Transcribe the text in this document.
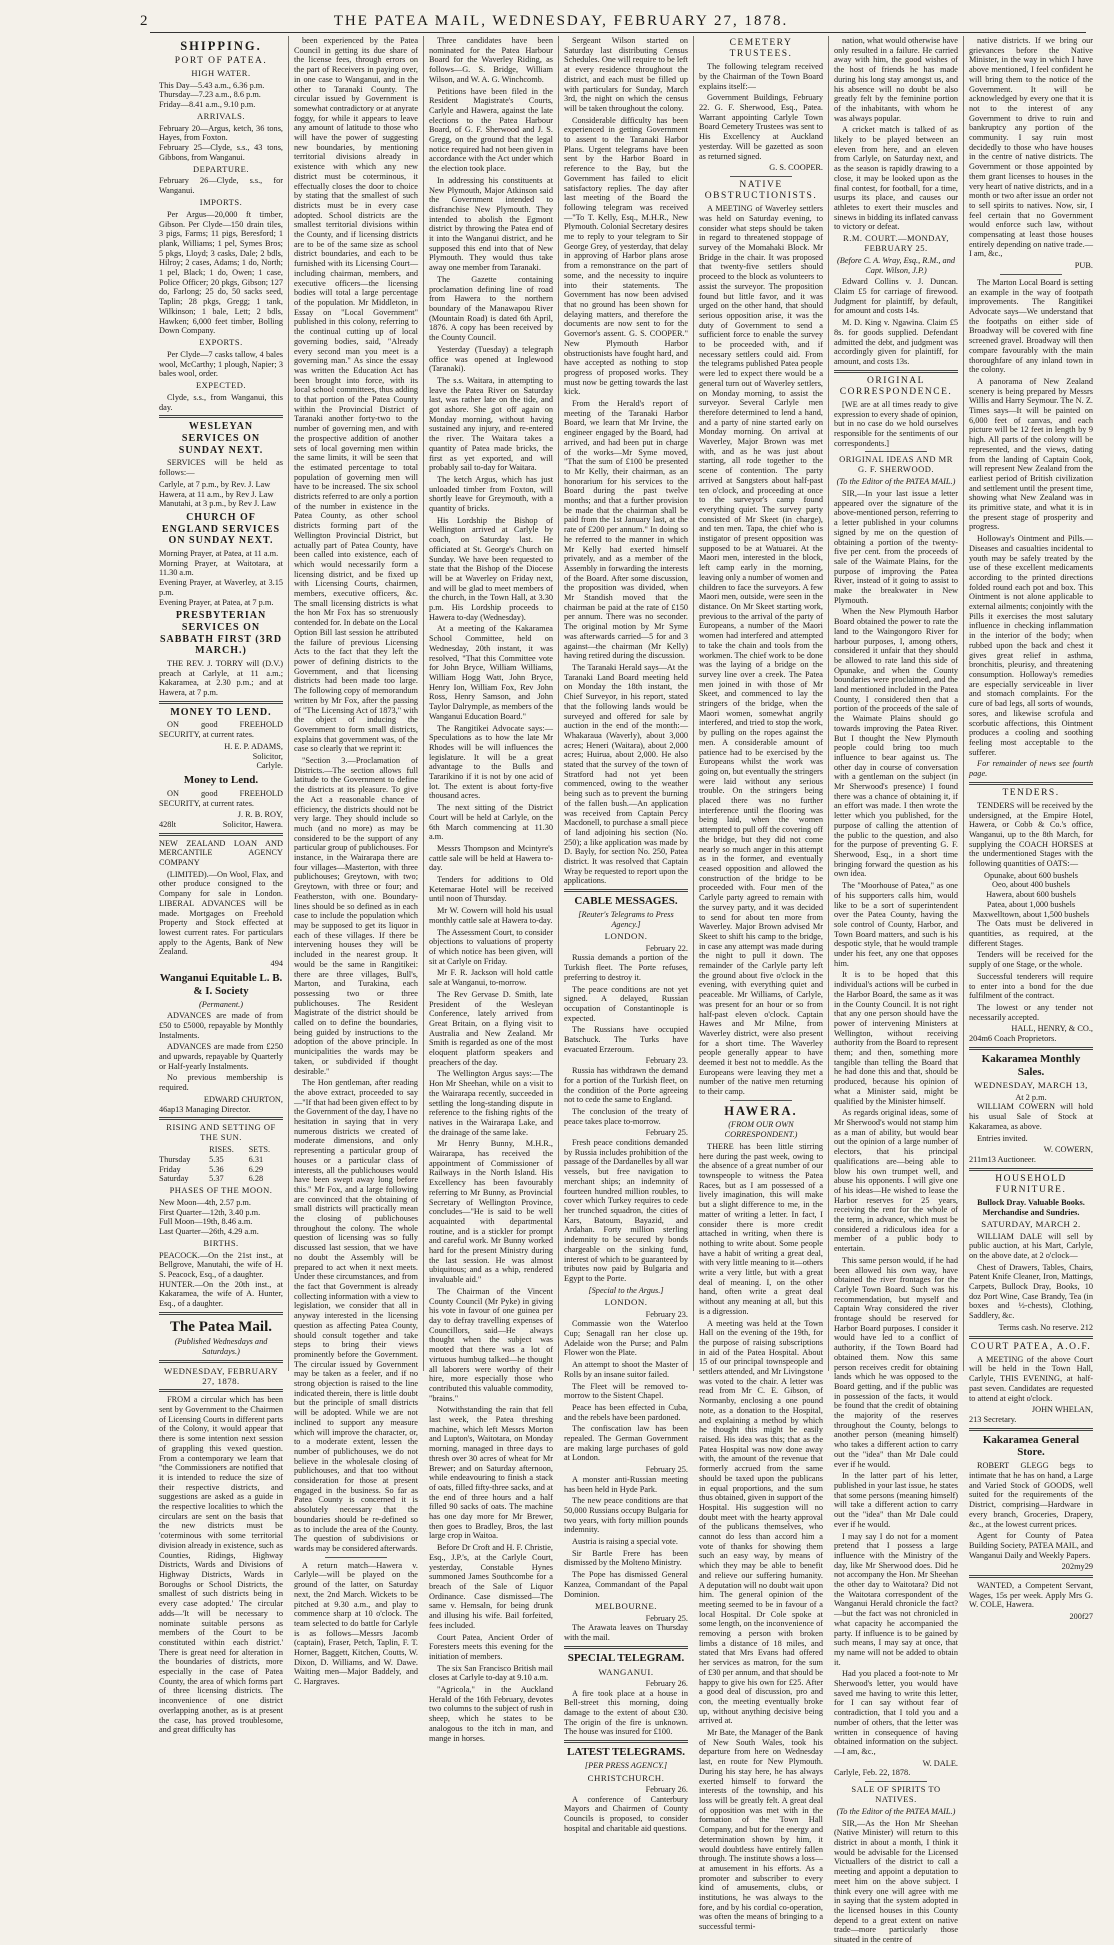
2	THE PATEA MAIL, WEDNESDAY, FEBRUARY 27, 1878.
SHIPPING.
PORT OF PATEA.
HIGH WATER.
This Day—5.43 a.m., 6.36 p.m.
Thursday—7.23 a.m., 8.6 p.m.
Friday—8.41 a.m., 9.10 p.m.
ARRIVALS.
February 20—Argus, ketch, 36 tons, Hayes, from Foxton.
February 25—Clyde, s.s., 43 tons, Gibbons, from Wanganui.
DEPARTURE.
February 26—Clyde, s.s., for Wanganui.
IMPORTS.

Per Argus—20,000 ft timber, Gibson. Per Clyde—150 drain tiles, 3 pigs, Farms; 11 pigs, Beresford; 1 plank, Williams; 1 pel, Symes Bros; 5 pkgs, Lloyd; 3 casks, Dale; 2 bdls, Hilroy; 2 cases, Adams; 1 do, North; 1 pel, Black; 1 do, Owen; 1 case, Police Officer; 20 pkgs, Gibson; 127 do, Farlong; 25 do, 50 sacks seed, Taplin; 28 pkgs, Gregg; 1 tank, Wilkinson; 1 bale, Lett; 2 bdls, Hawken; 6,000 feet timber, Bolling Down Company.

EXPORTS.

Per Clyde—7 casks tallow, 4 bales wool, McCarthy; 1 plough, Napier; 3 bales wool, order.

EXPECTED.

Clyde, s.s., from Wanganui, this day.

WESLEYAN SERVICES ON SUNDAY NEXT.

SERVICES will be held as follows:—

Carlyle, at 7 p.m., by Rev. J. Law
Hawera, at 11 a.m., by Rev J. Law
Manutahi, at 3 p.m., by Rev J. Law
CHURCH OF ENGLAND SERVICES ON SUNDAY NEXT.
Morning Prayer, at Patea, at 11 a.m.
Morning Prayer, at Waitotara, at 11.30 a.m.
Evening Prayer, at Waverley, at 3.15 p.m.
Evening Prayer, at Patea, at 7 p.m.
PRESBYTERIAN SERVICES ON SABBATH FIRST (3RD MARCH.)

THE REV. J. TORRY will (D.V.) preach at Carlyle, at 11 a.m.; Kakaramea, at 2.30 p.m.; and at Hawera, at 7 p.m.

MONEY TO LEND.

ON good FREEHOLD SECURITY, at current rates.

H. E. P. ADAMS,
Solicitor,
Carlyle.
Money to Lend.

ON good FREEHOLD SECURITY, at current rates.

J. R. B. ROY,
428lt	Solicitor, Hawera.

NEW ZEALAND LOAN AND MERCANTILE AGENCY COMPANY

(LIMITED).—On Wool, Flax, and other produce consigned to the Company for sale in London. LIBERAL ADVANCES will be made. Mortgages on Freehold Property and Stock effected at lowest current rates. For particulars apply to the Agents, Bank of New Zealand.

494
Wanganui Equitable L. B. & I. Society
(Permanent.)

ADVANCES are made of from £50 to £5000, repayable by Monthly Instalments.

ADVANCES are made from £250 and upwards, repayable by Quarterly or Half-yearly Instalments.

No previous membership is required.

EDWARD CHURTON,
46ap13 Managing Director.
RISING AND SETTING OF THE SUN.
	RISES.	SETS.
Thursday	5.35	6.31
Friday	5.36	6.29
Saturday	5.37	6.28
PHASES OF THE MOON.
New Moon—4th, 2.57 p.m.
First Quarter—12th, 3.40 p.m.
Full Moon—19th, 8.46 a.m.
Last Quarter—26th, 4.29 a.m.
BIRTHS.
PEACOCK.—On the 21st inst., at Bellgrove, Manutahi, the wife of H. S. Peacock, Esq., of a daughter.
HUNTER.—On the 20th inst., at Kakaramea, the wife of A. Hunter, Esq., of a daughter.
The Patea Mail.
(Published Wednesdays and Saturdays.)
WEDNESDAY, FEBRUARY 27, 1878.

FROM a circular which has been sent by Government to the Chairmen of Licensing Courts in different parts of the Colony, it would appear that there is some intention next session of grappling this vexed question. From a contemporary we learn that "the Commissioners are notified that it is intended to reduce the size of their respective districts, and suggestions are asked as a guide in the respective localities to which the circulars are sent on the basis that the new districts must be 'coterminous with some territorial division already in existence, such as Counties, Ridings, Highway Districts, Wards and Divisions of Highway Districts, Wards in Boroughs or School Districts, the smallest of such districts being in every case adopted.' The circular adds—'It will be necessary to nominate suitable persons as members of the Court to be constituted within each district.' There is great need for alteration in the boundaries of districts, more especially in the case of Patea County, the area of which forms part of three licensing districts. The inconvenience of one district overlapping another, as is at present the case, has proved troublesome, and great difficulty has

been experienced by the Patea Council in getting its due share of the license fees, through errors on the part of Receivers in paying over, in one case to Wanganui, and in the other to Taranaki County. The circular issued by Government is somewhat contradictory or at anyrate foggy, for while it appears to leave any amount of latitude to those who will have the power of suggesting new boundaries, by mentioning territorial divisions already in existence with which any new district must be coterminous, it effectually closes the door to choice by stating that the smallest of such districts must be in every case adopted. School districts are the smallest territorial divisions within the County, and if licensing districts are to be of the same size as school district boundaries, and each to be furnished with its Licensing Court—including chairman, members, and executive officers—the licensing bodies will total a large percentage of the population. Mr Middleton, in Essay on "Local Government" published in this colony, referring to the continual cutting up of local governing bodies, said, "Already every second man you meet is a governing man." As since the essay was written the Education Act has been brought into force, with its local school committees, thus adding to that portion of the Patea County within the Provincial District of Taranaki another forty-two to the number of governing men, and with the prospective addition of another sets of local governing men within the same limits, it will be seen that the estimated percentage to total population of governing men will have to be increased. The six school districts referred to are only a portion of the number in existence in the Patea County, as other school districts forming part of the Wellington Provincial District, but actually part of Patea County, have been called into existence, each of which would necessarily form a licensing district, and be fixed up with Licensing Courts, chairmen, members, executive officers, &c. The small licensing districts is what the hon Mr Fox has so strenuously contended for. In debate on the Local Option Bill last session he attributed the failure of previous Licensing Acts to the fact that they left the power of defining districts to the Government, and that licensing districts had been made too large. The following copy of memorandum written by Mr Fox, after the passing of "The Licensing Act of 1873," with the object of inducing the Government to form small districts, explains that government was, of the case so clearly that we reprint it:

"Section 3.—Proclamation of Districts.—The section allows full latitude to the Government to define the districts at its pleasure. To give the Act a reasonable chance of efficiency, the districts should not be very large. They should include so much (and no more) as may be considered to be the support of any particular group of publichouses. For instance, in the Wairarapa there are four villages—Masterton, with three publichouses; Greytown, with two; Greytown, with three or four; and Featherston, with one. Boundary-lines should be so defined as in each case to include the population which may be supposed to get its liquor in each of these villages. If there be intervening houses they will be included in the nearest group. It would be the same in Rangitikei: there are three villages, Bull's, Marton, and Turakina, each possessing two or three publichouses. The Resident Magistrate of the district should be called on to define the boundaries, being guided by instructions to the adoption of the above principle. In municipalities the wards may be taken, or subdivided if thought desirable."

The Hon gentleman, after reading the above extract, proceeded to say—"If that had been given effect to by the Government of the day, I have no hesitation in saying that in very numerous districts we created of moderate dimensions, and only representing a particular group of houses or a particular class of interests, all the publichouses would have been swept away long before this." Mr Fox, and a large following are convinced that the obtaining of small districts will practically mean the closing of publichouses throughout the colony. The whole question of licensing was so fully discussed last session, that we have no doubt the Assembly will be prepared to act when it next meets. Under these circumstances, and from the fact that Government is already collecting information with a view to legislation, we consider that all in anyway interested in the licensing question as affecting Patea County, should consult together and take steps to bring their views prominently before the Government. The circular issued by Government may be taken as a feeler, and if no strong objection is raised to the line indicated therein, there is little doubt but the principle of small districts will be adopted. While we are not inclined to support any measure which will improve the character, or, to a moderate extent, lessen the number of publichouses, we do not believe in the wholesale closing of publichouses, and that too without consideration for those at present engaged in the business. So far as Patea County is concerned it is absolutely necessary that the boundaries should be re-defined so as to include the area of the County. The question of subdivisions or wards may be considered afterwards.

A return match—Hawera v. Carlyle—will be played on the ground of the latter, on Saturday next, the 2nd March. Wickets to be pitched at 9.30 a.m., and play to commence sharp at 10 o'clock. The team selected to do battle for Carlyle is as follows—Messrs Jacomb (captain), Fraser, Petch, Taplin, F. T. Horner, Baggett, Kitchen, Coutts, W. Dixon, D. Williams, and W. Dawe. Waiting men—Major Baddely, and C. Hargraves.

Three candidates have been nominated for the Patea Harbour Board for the Waverley Riding, as follows—G. S. Bridge, William Wilson, and W. A. G. Winchcomb.

Petitions have been filed in the Resident Magistrate's Courts, Carlyle and Hawera, against the late elections to the Patea Harbour Board, of G. F. Sherwood and J. S. Gregg, on the ground that the legal notice required had not been given in accordance with the Act under which the election took place.

In addressing his constituents at New Plymouth, Major Atkinson said the Government intended to disfranchise New Plymouth. They intended to abolish the Egmont district by throwing the Patea end of it into the Wanganui district, and he supposed this end into that of New Plymouth. They would thus take away one member from Taranaki.

The Gazette containing proclamation defining line of road from Hawera to the northern boundary of the Manawapou River (Mountain Road) is dated 6th April, 1876. A copy has been received by the County Council.

Yesterday (Tuesday) a telegraph office was opened at Inglewood (Taranaki).

The s.s. Waitara, in attempting to leave the Patea River on Saturday last, was rather late on the tide, and got ashore. She got off again on Monday morning, without having sustained any injury, and re-entered the river. The Waitara takes a quantity of Patea made bricks, the first as yet exported, and will probably sail to-day for Waitara.

The ketch Argus, which has just unloaded timber from Foxton, will shortly leave for Greymouth, with a quantity of bricks.

His Lordship the Bishop of Wellington arrived at Carlyle by coach, on Saturday last. He officiated at St. George's Church on Sunday. We have been requested to state that the Bishop of the Diocese will be at Waverley on Friday next, and will be glad to meet members of the church, in the Town Hall, at 3.30 p.m. His Lordship proceeds to Hawera to-day (Wednesday).

At a meeting of the Kakaramea School Committee, held on Wednesday, 20th instant, it was resolved, "That this Committee vote for John Bryce, William Williams, William Hogg Watt, John Bryce, Henry Ion, William Fox, Rev John Ross, Henry Samson, and John Taylor Dalrymple, as members of the Wanganui Education Board."

The Rangitikei Advocate says:—Speculations as to how the late Mr Rhodes will be will influences the legislature. It will be a great advantage to the Bulls and Tararikino if it is not by one acid of lot. The extent is about forty-five thousand acres.

The next sitting of the District Court will be held at Carlyle, on the 6th March commencing at 11.30 a.m.

Messrs Thompson and Mcintyre's cattle sale will be held at Hawera to-day.

Tenders for additions to Old Ketemarae Hotel will be received until noon of Thursday.

Mr W. Cowern will hold his usual monthly cattle sale at Hawera to-day.

The Assessment Court, to consider objections to valuations of property of which notice has been given, will sit at Carlyle on Friday.

Mr F. R. Jackson will hold cattle sale at Wanganui, to-morrow.

The Rev Gervase D. Smith, late President of the Wesleyan Conference, lately arrived from Great Britain, on a flying visit to Australia and New Zealand. Mr Smith is regarded as one of the most eloquent platform speakers and preachers of the day.

The Wellington Argus says:—The Hon Mr Sheehan, while on a visit to the Wairarapa recently, succeeded in settling the long-standing dispute in reference to the fishing rights of the natives in the Wairarapa Lake, and the drainage of the same lake.

Mr Henry Bunny, M.H.R., Wairarapa, has received the appointment of Commissioner of Railways in the North Island. His Excellency has been favourably referring to Mr Bunny, as Provincial Secretary of Wellington Province, concludes—"He is said to be well acquainted with departmental routine, and is a stickler for prompt and careful work. Mr Bunny worked hard for the present Ministry during the last session. He was almost ubiquitous; and as a whip, rendered invaluable aid."

The Chairman of the Vincent County Council (Mr Pyke) in giving his vote in favour of one guinea per day to defray travelling expenses of Councillors, said—He always thought when the subject was mooted that there was a lot of virtuous humbug talked—he thought all laborers were worthy of their hire, more especially those who contributed this valuable commodity, "brains."

Notwithstanding the rain that fell last week, the Patea threshing machine, which left Messrs Morton and Lupton's, Waitotara, on Monday morning, managed in three days to thresh over 30 acres of wheat for Mr Brewer; and on Saturday afternoon, while endeavouring to finish a stack of oats, filled fifty-three sacks, and at the end of three hours and a half filled 90 sacks of oats. The machine has one day more for Mr Brewer, then goes to Bradley, Bros, the last large crop in Waitoa.

Before Dr Croft and H. F. Christie, Esq., J.P.'s, at the Carlyle Court, yesterday, Constable Hynes summoned James Southcombe for a breach of the Sale of Liquor Ordinance. Case dismissed—The same v. Hemsaln, for being drunk and illusing his wife. Bail forfeited, fees included.

Court Patea, Ancient Order of Foresters meets this evening for the initiation of members.

The six San Francisco British mail closes at Carlyle to-day at 9.10 a.m.

"Agricola," in the Auckland Herald of the 16th February, devotes two columns to the subject of rush in sheep, which he states to be analogous to the itch in man, and mange in horses.

Sergeant Wilson started on Saturday last distributing Census Schedules. One will require to be left at every residence throughout the district, and each must be filled up with particulars for Sunday, March 3rd, the night on which the census will be taken throughout the colony.

Considerable difficulty has been experienced in getting Government to assent to the Taranaki Harbor Plans. Urgent telegrams have been sent by the Harbor Board in reference to the Bay, but the Government has failed to elicit satisfactory replies. The day after last meeting of the Board the following telegram was received—"To T. Kelly, Esq., M.H.R., New Plymouth. Colonial Secretary desires me to reply to your telegram to Sir George Grey, of yesterday, that delay in approving of Harbor plans arose from a remonstrance on the part of some, and the necessity to inquire into their statements. The Government has now been advised that no ground has been shown for delaying matters, and therefore the documents are now sent to for the Governor's assent. G. S. COOPER." New Plymouth Harbor obstructionists have fought hard, and have accepted as nothing to stop progress of proposed works. They must now be getting towards the last kick.

From the Herald's report of meeting of the Taranaki Harbor Board, we learn that Mr Irvine, the engineer engaged by the Board, had arrived, and had been put in charge of the works—Mr Syme moved, "That the sum of £100 be presented to Mr Kelly, their chairman, as an honorarium for his services to the Board during the past twelve months; and that a further provision be made that the chairman shall be paid from the 1st January last, at the rate of £200 per annum." In doing so he referred to the manner in which Mr Kelly had exerted himself privately, and as a member of the Assembly in forwarding the interests of the Board. After some discussion, the proposition was divided, when Mr Standish moved that the chairman be paid at the rate of £150 per annum. There was no seconder. The original motion by Mr Syme was afterwards carried—5 for and 3 against—the chairman (Mr Kelly) having retired during the discussion.

The Taranaki Herald says—At the Taranaki Land Board meeting held on Monday the 18th instant, the Chief Surveyor, in his report, stated that the following lands would be surveyed and offered for sale by auction in the end of the month:—Whakaraua (Waverly), about 3,000 acres; Heneri (Waitara), about 2,000 acres; Huirua, about 2,000. He also stated that the survey of the town of Stratford had not yet been commenced, owing to the weather being such as to prevent the burning of the fallen bush.—An application was received from Captain Percy Macdonell, to purchase a small piece of land adjoining his section (No. 250); a like application was made by D. Bayly, for section No. 250, Patea district. It was resolved that Captain Wray be requested to report upon the applications.

CABLE MESSAGES.
[Reuter's Telegrams to Press Agency.]
LONDON.
February 22.

Russia demands a portion of the Turkish fleet. The Porte refuses, preferring to destroy it.

The peace conditions are not yet signed. A delayed, Russian occupation of Constantinople is expected.

The Russians have occupied Batschuck. The Turks have evacuated Erzeroum.

February 23.

Russia has withdrawn the demand for a portion of the Turkish fleet, on the condition of the Porte agreeing not to cede the same to England.

The conclusion of the treaty of peace takes place to-morrow.

February 25.

Fresh peace conditions demanded by Russia includes prohibition of the passage of the Dardanelles by all war vessels, but free navigation to merchant ships; an indemnity of fourteen hundred million roubles, to cover which Turkey requires to cede her trunched squadron, the cities of Kars, Batoum, Bayazid, and Ardahan. Forty million sterling indemnity to be secured by bonds chargeable on the sinking fund, interest of which to be guaranteed by tributes now paid by Bulgaria and Egypt to the Porte.

[Special to the Argus.]
LONDON.
February 23.

Commassie won the Waterloo Cup; Senagall ran her close up. Adelaide won the Purse; and Palm Flower won the Plate.

An attempt to shoot the Master of Rolls by an insane suitor failed.

The Fleet will be removed to-morrow to the Sistent Chapel.

Peace has been effected in Cuba, and the rebels have been pardoned.

The confiscation law has been repealed. The German Government are making large purchases of gold at London.

February 25.

A monster anti-Russian meeting has been held in Hyde Park.

The new peace conditions are that 50,000 Russians occupy Bulgaria for two years, with forty million pounds indemnity.

Austria is raising a special vote.

Sir Bartle Frere has been dismissed by the Molteno Ministry.

The Pope has dismissed General Kanzea, Commandant of the Papal Dominion.

MELBOURNE.
February 25.

The Arawata leaves on Thursday with the mail.

SPECIAL TELEGRAM.
WANGANUI.
February 26.

A fire took place at a house in Bell-street this morning, doing damage to the extent of about £30. The origin of the fire is unknown. The house was insured for £100.

LATEST TELEGRAMS.
[PER PRESS AGENCY.]
CHRISTCHURCH.
February 26.

A conference of Canterbury Mayors and Chairmen of County Councils is proposed, to consider hospital and charitable aid questions.

CEMETERY TRUSTEES.

The following telegram received by the Chairman of the Town Board explains itself:—

Government Buildings, February 22. G. F. Sherwood, Esq., Patea. Warrant appointing Carlyle Town Board Cemetery Trustees was sent to His Excellency at Auckland yesterday. Will be gazetted as soon as returned signed.

G. S. COOPER.
NATIVE OBSTRUCTIONISTS.

A MEETING of Waverley settlers was held on Saturday evening, to consider what steps should be taken in regard to threatened stoppage of survey of the Momahaki Block. Mr Bridge in the chair. It was proposed that twenty-five settlers should proceed to the block as volunteers to assist the surveyor. The proposition found but little favor, and it was urged on the other hand, that should serious opposition arise, it was the duty of Government to send a sufficient force to enable the survey to be proceeded with, and if necessary settlers could aid. From the telegrams published Patea people were led to expect there would be a general turn out of Waverley settlers, on Monday morning, to assist the surveyor. Several Carlyle men therefore determined to lend a hand, and a party of nine started early on Monday morning. On arrival at Waverley, Major Brown was met with, and as he was just about starting, all rode together to the scene of contention. The party arrived at Sangsters about half-past ten o'clock, and proceeding at once to the surveyor's camp found everything quiet. The survey party consisted of Mr Skeet (in charge), and ten men. Tapa, the chief who is instigator of present opposition was supposed to be at Watuarei. At the Maori men, interested in the block, left camp early in the morning, leaving only a number of women and children to face the surveyors. A few Maori men, outside, were seen in the distance. On Mr Skeet starting work, previous to the arrival of the party of Europeans, a number of the Maori women had interfered and attempted to take the chain and tools from the workmen. The chief work to be done was the laying of a bridge on the survey line over a creek. The Patea men joined in with those of Mr Skeet, and commenced to lay the stringers of the bridge, when the Maori women, somewhat angrily interfered, and tried to stop the work, by pulling on the ropes against the men. A considerable amount of patience had to be exercised by the Europeans whilst the work was going on, but eventually the stringers were laid without any serious trouble. On the stringers being placed there was no further interference until the flooring was being laid, when the women attempted to pull off the covering off the bridge, but they did not come nearly so much anger in this attempt as in the former, and eventually ceased opposition and allowed the construction of the bridge to be proceeded with. Four men of the Carlyle party agreed to remain with the survey party, and it was decided to send for about ten more from Waverley. Major Brown advised Mr Skeet to shift his camp to the bridge, in case any attempt was made during the night to pull it down. The remainder of the Carlyle party left the ground about five o'clock in the evening, with everything quiet and peaceable. Mr Williams, of Carlyle, was present for an hour or so from half-past eleven o'clock. Captain Hawes and Mr Milne, from Waverley district, were also present for a short time. The Waverley people generally appear to have deemed it best not to meddle. As the Europeans were leaving they met a number of the native men returning to their camp.

HAWERA.
(FROM OUR OWN CORRESPONDENT.)

THERE has been little stirring here during the past week, owing to the absence of a great number of our townspeople to witness the Patea Races, but as I am possessed of a lively imagination, this will make but a slight difference to me, in the matter of writing a letter. In fact, I consider there is more credit attached in writing, when there is nothing to write about. Some people have a habit of writing a great deal, with very little meaning to it—others write a very little, but with a great deal of meaning. I, on the other hand, often write a great deal without any meaning at all, but this is a digression.

A meeting was held at the Town Hall on the evening of the 19th, for the purpose of raising subscriptions in aid of the Patea Hospital. About 15 of our principal townspeople and settlers attended, and Mr Livingstone was voted to the chair. A letter was read from Mr C. E. Gibson, of Normanby, enclosing a one pound note, as a donation to the Hospital, and explaining a method by which he thought this might be easily raised. His idea was this; that as the Patea Hospital was now done away with, the amount of the revenue that formerly accrued from the same should be taxed upon the publicans in equal proportions, and the sum thus obtained, given in support of the Hospital. His suggestion will no doubt meet with the hearty approval of the publicans themselves, who cannot do less than accord him a vote of thanks for showing them such an easy way, by means of which they may be able to benefit and relieve our suffering humanity. A deputation will no doubt wait upon him. The general opinion of the meeting seemed to be in favour of a local Hospital. Dr Cole spoke at some length, on the inconvenience of removing a person with broken limbs a distance of 18 miles, and stated that Mrs Evans had offered her services as matron, for the sum of £30 per annum, and that should be happy to give his own for £25. After a good deal of discussion, pro and con, the meeting eventually broke up, without anything decisive being arrived at.

Mr Bate, the Manager of the Bank of New South Wales, took his departure from here on Wednesday last, en route for New Plymouth. During his stay here, he has always exerted himself to forward the interests of the township, and his loss will be greatly felt. A great deal of opposition was met with in the formation of the Town Hall Company, and but for the energy and determination shown by him, it would doubtless have entirely fallen through. The institute shows a loss—at amusement in his efforts. As a promoter and subscriber to every kind of amusements, clubs, or institutions, he was always to the fore, and by his cordial co-operation, was often the means of bringing to a successful termi-

nation, what would otherwise have only resulted in a failure. He carried away with him, the good wishes of the host of friends he has made during his long stay amongst us, and his absence will no doubt be also greatly felt by the feminine portion of the inhabitants, with whom he was always popular.

A cricket match is talked of as likely to be played between an eleven from here, and an eleven from Carlyle, on Saturday next, and as the season is rapidly drawing to a close, it may be looked upon as the final contest, for football, for a time, usurps its place, and causes our athletes to exert their muscles and sinews in bidding its inflated canvass to victory or defeat.

R.M. COURT.—MONDAY, FEBRUARY 25.
(Before C. A. Wray, Esq., R.M., and Capt. Wilson, J.P.)

Edward Collins v. J. Duncan. Claim £5 for carriage of firewood. Judgment for plaintiff, by default, for amount and costs 14s.

M. D. King v. Ngawina. Claim £5 8s. for goods supplied. Defendant admitted the debt, and judgment was accordingly given for plaintiff, for amount, and costs 13s.

ORIGINAL CORRESPONDENCE.

[WE are at all times ready to give expression to every shade of opinion, but in no case do we hold ourselves responsible for the sentiments of our correspondents.]

ORIGINAL IDEAS AND MR G. F. SHERWOOD.
(To the Editor of the PATEA MAIL.)

SIR,—In your last issue a letter appeared over the signature of the above-mentioned person, referring to a letter published in your columns signed by me on the question of obtaining a portion of the twenty-five per cent. from the proceeds of sale of the Waimate Plains, for the purpose of improving the Patea River, instead of it going to assist to make the breakwater in New Plymouth.

When the New Plymouth Harbor Board obtained the power to rate the land to the Waingongoro River for harbour purposes, I, among others, considered it unfair that they should be allowed to rate land this side of Opunake, and when the County boundaries were proclaimed, and the land mentioned included in the Patea County, I considered then that a portion of the proceeds of the sale of the Waimate Plains should go towards improving the Patea River. But I thought the New Plymouth people could bring too much influence to bear against us. The other day in course of conversation with a gentleman on the subject (in Mr Sherwood's presence) I found there was a chance of obtaining it, if an effort was made. I then wrote the letter which you published, for the purpose of calling the attention of the public to the question, and also for the purpose of preventing G. F. Sherwood, Esq., in a short time bringing forward the question as his own idea.

The "Moorhouse of Patea," as one of his supporters calls him, would like to be a sort of superintendent over the Patea County, having the sole control of County, Harbor, and Town Board matters, and such is his despotic style, that he would trample under his feet, any one that opposes him.

It is to be hoped that this individual's actions will be curbed in the Harbor Board, the same as it was in the County Council. It is not right that any one person should have the power of intervening Ministers at Wellington, without receiving authority from the Board to represent them; and then, something more tangible than telling the Board that he had done this and that, should be produced, because his opinion of what a Minister said, might be qualified by the Minister himself.

As regards original ideas, some of Mr Sherwood's would not stamp him as a man of ability, but would bear out the opinion of a large number of electors, that his principal qualifications are—being able to blow his own trumpet well, and abuse his opponents. I will give one of his ideas—He wished to lease the Harbor reserves for 25 years, receiving the rent for the whole of the term, in advance, which must be considered a ridiculous idea for a member of a public body to entertain.

This same person would, if he had been allowed his own way, have obtained the river frontages for the Carlyle Town Board. Such was his recommendation, but myself and Captain Wray considered the river frontage should be reserved for Harbor Board purposes. I consider it would have led to a conflict of authority, if the Town Board had obtained them. Now this same person receives credit for obtaining lands which he was opposed to the Board getting, and if the public was in possession of the facts, it would be found that the credit of obtaining the majority of the reserves throughout the County, belongs to another person (meaning himself) who takes a different action to carry out the "idea" than Mr Dale could ever if he would.

In the latter part of his letter, published in your last issue, he states that some persons (meaning himself) will take a different action to carry out the "idea" than Mr Dale could ever if he would.

I may say I do not for a moment pretend that I possess a large influence with the Ministry of the day, like Mr Sherwood does. Did he not accompany the Hon. Mr Sheehan the other day to Waitotara? Did not the Waitotara correspondent of the Wanganui Herald chronicle the fact?—but the fact was not chronicled in what capacity he accompanied the party. If influence is to be gained by such means, I may say at once, that my name will not be added to obtain it.

Had you placed a foot-note to Mr Sherwood's letter, you would have saved me having to write this letter, for I can say without fear of contradiction, that I told you and a number of others, that the letter was written in consequence of having obtained information on the subject.—I am, &c.,

W. DALE.
Carlyle, Feb. 22, 1878.
SALE OF SPIRITS TO NATIVES.
(To the Editor of the PATEA MAIL.)

SIR,—As the Hon Mr Sheehan (Native Minister) will return to this district in about a month, I think it would be advisable for the Licensed Victuallers of the district to call a meeting and appoint a deputation to meet him on the above subject. I think every one will agree with me in saying that the system adopted in the licensed houses in this County depend to a great extent on native trade—more particularly those situated in the centre of

native districts. If we bring our grievances before the Native Minister, in the way in which I have above mentioned, I feel confident he will bring them to the notice of the Government. It will be acknowledged by every one that it is not to the interest of any Government to drive to ruin and bankruptcy any portion of the community. I say ruin most decidedly to those who have houses in the centre of native districts. The Government or those appointed by them grant licenses to houses in the very heart of native districts, and in a month or two after issue an order not to sell spirits to natives. Now, sir, I feel certain that no Government would enforce such law, without compensating at least those houses entirely depending on native trade.—I am, &c.,

PUB.

The Marton Local Board is setting an example in the way of footpath improvements. The Rangitikei Advocate says—We understand that the footpaths on either side of Broadway will be covered with fine screened gravel. Broadway will then compare favourably with the main thoroughfare of any inland town in the colony.

A panorama of New Zealand scenery is being prepared by Messrs Willis and Harry Seymour. The N. Z. Times says—It will be painted on 6,000 feet of canvas, and each picture will be 12 feet in length by 9 high. All parts of the colony will be represented, and the views, dating from the landing of Captain Cook, will represent New Zealand from the earliest period of British civilization and settlement until the present time, showing what New Zealand was in its primitive state, and what it is in the present stage of prosperity and progress.

Holloway's Ointment and Pills.—Diseases and casualties incidental to youth may be safely treated by the use of these excellent medicaments according to the printed directions folded round each pot and box. This Ointment is not alone applicable to external ailments; conjointly with the Pills it exercises the most salutary influence in checking inflammation in the interior of the body; when rubbed upon the back and chest it gives great relief in asthma, bronchitis, pleurisy, and threatening consumption. Holloway's remedies are especially serviceable in liver and stomach complaints. For the cure of bad legs, all sorts of wounds, sores, and likewise scrofula and scorbutic affections, this Ointment produces a cooling and soothing feeling most acceptable to the sufferer.

For remainder of news see fourth page.

TENDERS.

TENDERS will be received by the undersigned, at the Empire Hotel, Hawera, or Cobb & Co.'s office, Wanganui, up to the 8th March, for supplying the COACH HORSES at the undermentioned Stages with the following quantities of OATS:—

Opunake, about 600 bushels
Oeo, about 400 bushels
Hawera, about 600 bushels
Patea, about 1,000 bushels
Maxwelltown, about 1,500 bushels

The Oats must be delivered in quantities, as required, at the different Stages.

Tenders will be received for the supply of one Stage, or the whole.

Successful tenderers will require to enter into a bond for the due fulfilment of the contract.

The lowest or any tender not necessarily accepted.

HALL, HENRY, & CO.,
204m6 Coach Proprietors.
Kakaramea Monthly Sales.
WEDNESDAY, MARCH 13,
At 2 p.m.

WILLIAM COWERN will hold his usual Sale of Stock at Kakaramea, as above.

Entries invited.

W. COWERN,
211m13 Auctioneer.
HOUSEHOLD FURNITURE.
Bullock Dray. Valuable Books. Merchandise and Sundries.
SATURDAY, MARCH 2.

WILLIAM DALE will sell by public auction, at his Mart, Carlyle, on the above date, at 2 o'clock—

Chest of Drawers, Tables, Chairs, Patent Knife Cleaner, Iron, Mattings, Carpets, Bullock Dray, Books, 10 doz Port Wine, Case Brandy, Tea (in boxes and ½-chests), Clothing, Saddlery, &c.

Terms cash. No reserve. 212
COURT PATEA, A.O.F.

A MEETING of the above Court will be held in the Town Hall, Carlyle, THIS EVENING, at half-past seven. Candidates are requested to attend at eight o'clock.

JOHN WHELAN,
213 Secretary.
Kakaramea General Store.

ROBERT GLEGG begs to intimate that he has on hand, a Large and Varied Stock of GOODS, well suited for the requirements of the District, comprising—Hardware in every branch, Groceries, Drapery, &c., at the lowest current prices.

Agent for County of Patea Building Society, PATEA MAIL, and Wanganui Daily and Weekly Papers.

202my29

WANTED, a Competent Servant, Wages, 15s per week. Apply Mrs G. W. COLE, Hawera.

200f27
